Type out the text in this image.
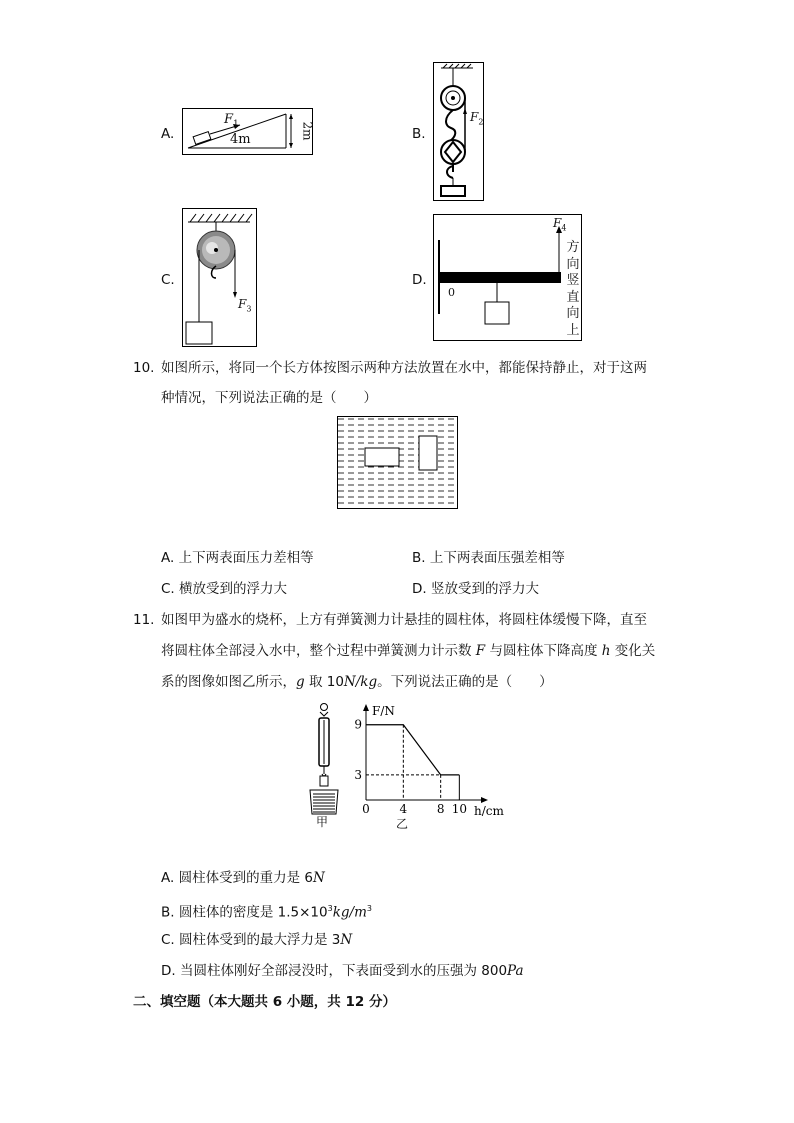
A.
$F_1$
4m	2m	B.
$F_2$
C.
$F_3$
D.
$F_4$
0
方
向
竖
直
向
上
10. 如图所示，将同一个长方体按图示两种方法放置在水中，都能保持静止，对于这两
种情况，下列说法正确的是（　　）
A. 上下两表面压力差相等	B. 上下两表面压强差相等
C. 横放受到的浮力大	D. 竖放受到的浮力大
11. 如图甲为盛水的烧杯，上方有弹簧测力计悬挂的圆柱体，将圆柱体缓慢下降，直至
将圆柱体全部浸入水中，整个过程中弹簧测力计示数 F 与圆柱体下降高度 h 变化关
系的图像如图乙所示，g 取 10N/kg。下列说法正确的是（　　）
甲
0 4 8 10
9
3
F/N
h/cm
乙
A. 圆柱体受到的重力是 6N
B. 圆柱体的密度是 $1.5\times 10^3kg/m^3$
C. 圆柱体受到的最大浮力是 3N
D. 当圆柱体刚好全部浸没时，下表面受到水的压强为 800Pa
二、填空题（本大题共 6 小题，共 12 分）
